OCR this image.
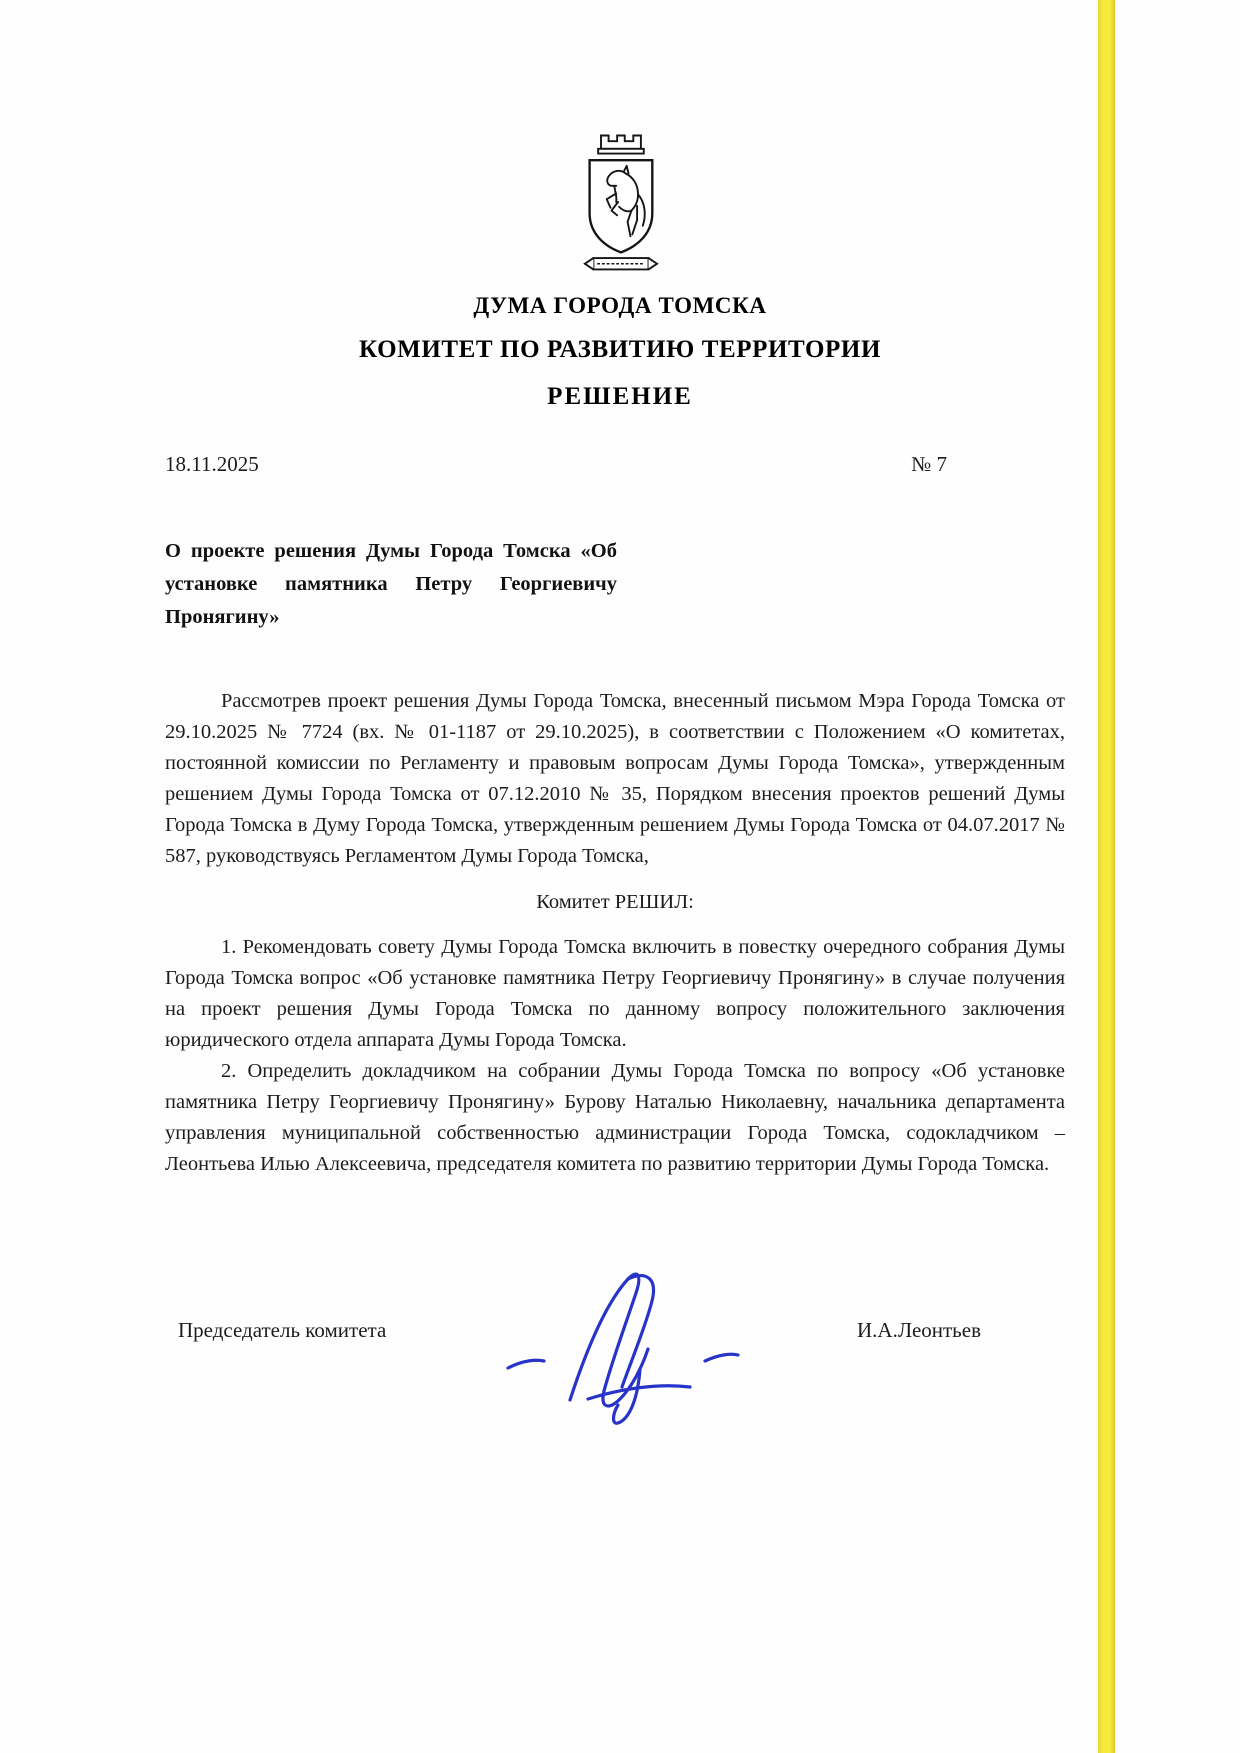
ДУМА ГОРОДА ТОМСКА
КОМИТЕТ ПО РАЗВИТИЮ ТЕРРИТОРИИ
РЕШЕНИЕ
18.11.2025	№ 7
О проекте решения Думы Города Томска «Об установке памятника Петру Георгиевичу Пронягину»

Рассмотрев проект решения Думы Города Томска, внесенный письмом Мэра Города Томска от 29.10.2025 № 7724 (вх. № 01-1187 от 29.10.2025), в соответствии с Положением «О комитетах, постоянной комиссии по Регламенту и правовым вопросам Думы Города Томска», утвержденным решением Думы Города Томска от 07.12.2010 № 35, Порядком внесения проектов решений Думы Города Томска в Думу Города Томска, утвержденным решением Думы Города Томска от 04.07.2017 № 587, руководствуясь Регламентом Думы Города Томска,

Комитет РЕШИЛ:

1. Рекомендовать совету Думы Города Томска включить в повестку очередного собрания Думы Города Томска вопрос «Об установке памятника Петру Георгиевичу Пронягину» в случае получения на проект решения Думы Города Томска по данному вопросу положительного заключения юридического отдела аппарата Думы Города Томска.

2. Определить докладчиком на собрании Думы Города Томска по вопросу «Об установке памятника Петру Георгиевичу Пронягину» Бурову Наталью Николаевну, начальника департамента управления муниципальной собственностью администрации Города Томска, содокладчиком – Леонтьева Илью Алексеевича, председателя комитета по развитию территории Думы Города Томска.

Председатель комитета	И.А.Леонтьев
